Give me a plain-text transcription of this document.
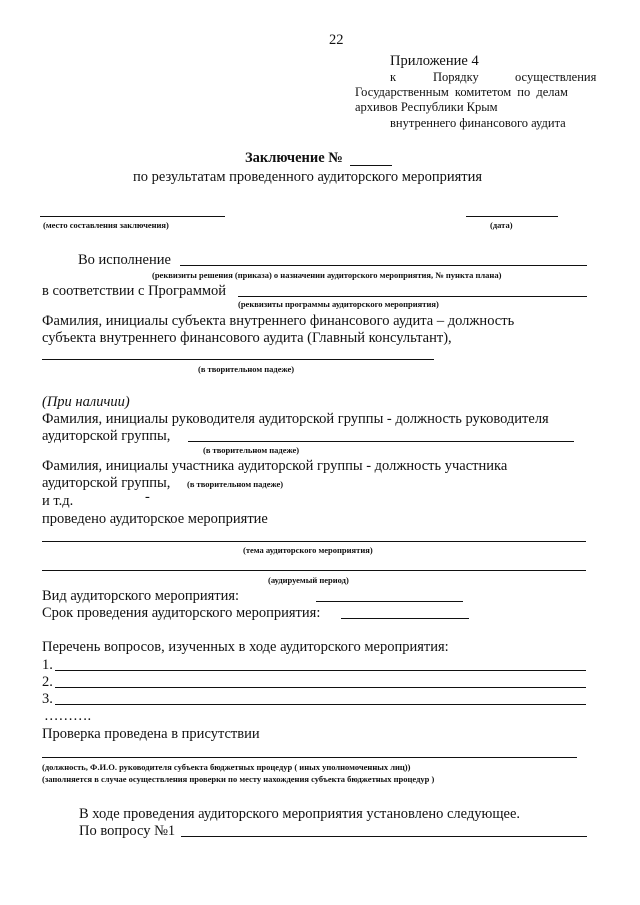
22
Приложение 4
к	Порядку	осуществления
Государственным комитетом по делам
архивов Республики Крым
внутреннего финансового аудита
Заключение №
по результатам проведенного аудиторского мероприятия
(место составления заключения)	(дата)
Во исполнение
(реквизиты решения (приказа) о назначении аудиторского мероприятия, № пункта плана)
в соответствии с Программой
(реквизиты программы аудиторского мероприятия)
Фамилия, инициалы субъекта внутреннего финансового аудита – должность
субъекта внутреннего финансового аудита (Главный консультант),
(в творительном падеже)
(При наличии)
Фамилия, инициалы руководителя аудиторской группы - должность руководителя
аудиторской группы,
(в творительном падеже)
Фамилия, инициалы участника аудиторской группы - должность участника
аудиторской группы, (в творительном падеже)
и т.д.	-
проведено аудиторское мероприятие
(тема аудиторского мероприятия)
(аудируемый период)
Вид аудиторского мероприятия:
Срок проведения аудиторского мероприятия:
Перечень вопросов, изученных в ходе аудиторского мероприятия:
1.
2.
3.
……….
Проверка проведена в присутствии
(должность, Ф.И.О. руководителя субъекта бюджетных процедур ( иных уполномоченных лиц))
(заполняется в случае осуществления проверки по месту нахождения субъекта бюджетных процедур )
В ходе проведения аудиторского мероприятия установлено следующее.
По вопросу №1
